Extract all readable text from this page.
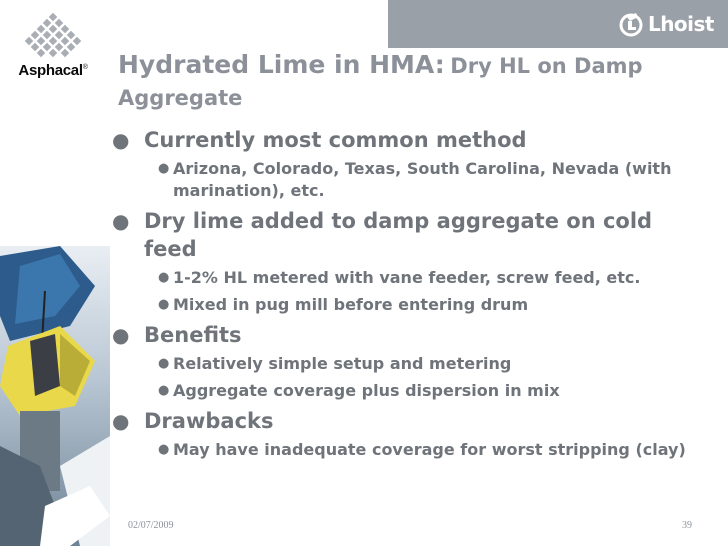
Lhoist
Asphacal®	Hydrated Lime in HMA: Dry HL on Damp Aggregate
● Currently most common method
● Arizona, Colorado, Texas, South Carolina, Nevada (with marination), etc.
● Dry lime added to damp aggregate on cold feed
● 1-2% HL metered with vane feeder, screw feed, etc.
● Mixed in pug mill before entering drum
● Benefits
● Relatively simple setup and metering
● Aggregate coverage plus dispersion in mix
● Drawbacks
● May have inadequate coverage for worst stripping (clay)
02/07/2009	39
